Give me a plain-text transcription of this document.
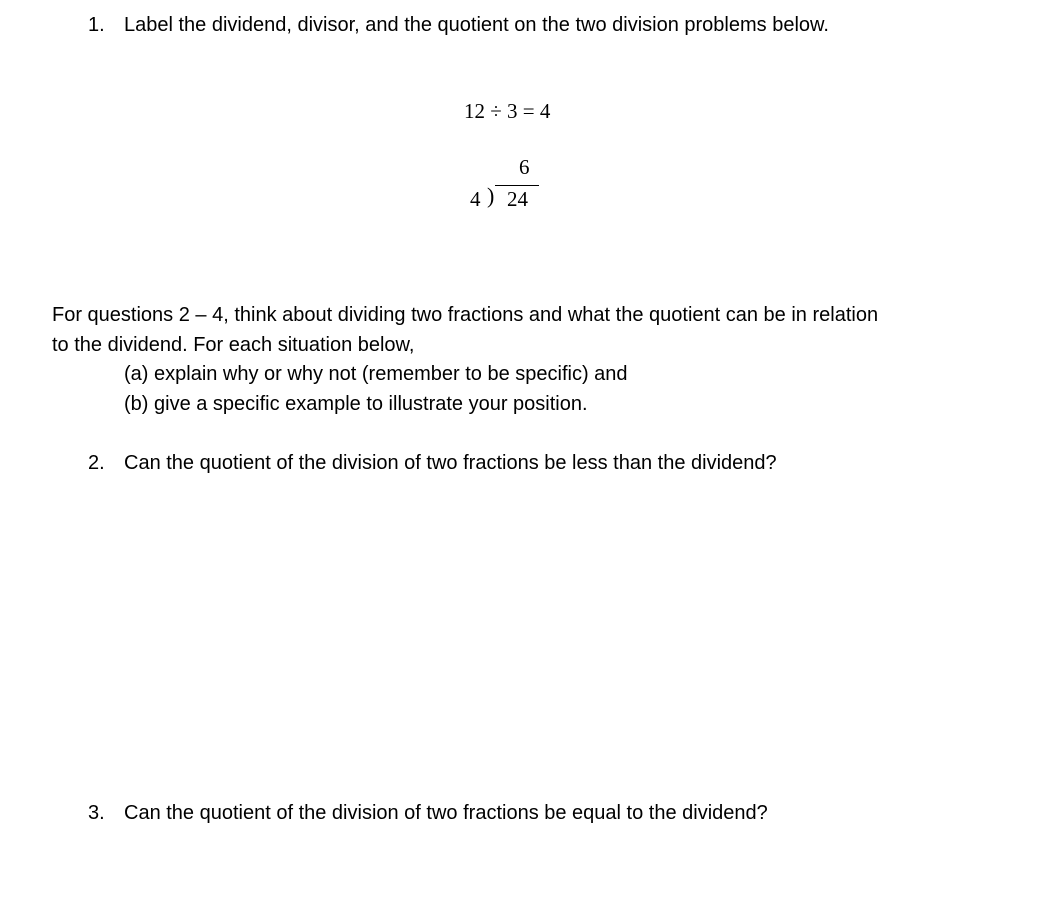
1. Label the dividend, divisor, and the quotient on the two division problems below.
12 ÷ 3 = 4
6
4 ) 24
For questions 2 – 4, think about dividing two fractions and what the quotient can be in relation
to the dividend. For each situation below,
(a) explain why or why not (remember to be specific) and
(b) give a specific example to illustrate your position.
2. Can the quotient of the division of two fractions be less than the dividend?
3. Can the quotient of the division of two fractions be equal to the dividend?
